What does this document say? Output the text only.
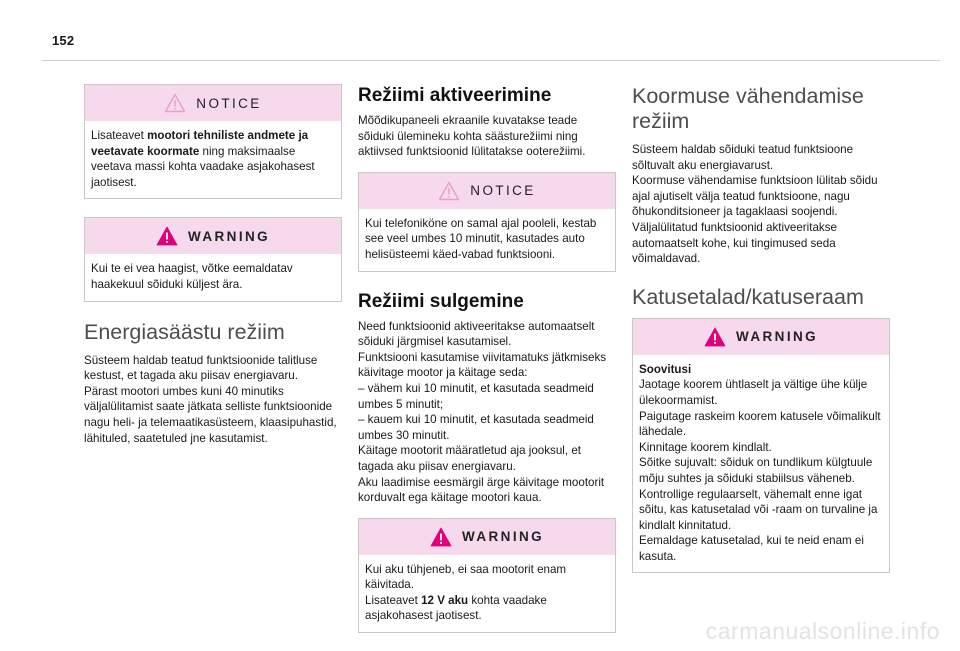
152
NOTICE

Lisateavet mootori tehniliste andmete ja veetavate koormate ning maksimaalse veetava massi kohta vaadake asjakohasest jaotisest.

WARNING

Kui te ei vea haagist, võtke eemaldatav haakekuul sõiduki küljest ära.

Energiasäästu režiim

Süsteem haldab teatud funktsioonide talitluse kestust, et tagada aku piisav energiavaru.
Pärast mootori umbes kuni 40 minutiks väljalülitamist saate jätkata selliste funktsioonide nagu heli- ja telemaatikasüsteem, klaasipuhastid, lähituled, saatetuled jne kasutamist.

Režiimi aktiveerimine

Mõõdikupaneeli ekraanile kuvatakse teade sõiduki ülemineku kohta säästurežiimi ning aktiivsed funktsioonid lülitatakse ooterežiimi.

NOTICE

Kui telefoniköne on samal ajal pooleli, kestab see veel umbes 10 minutit, kasutades auto helisüsteemi käed-vabad funktsiooni.

Režiimi sulgemine

Need funktsioonid aktiveeritakse automaatselt sõiduki järgmisel kasutamisel.
Funktsiooni kasutamise viivitamatuks jätkmiseks käivitage mootor ja käitage seda:
– vähem kui 10 minutit, et kasutada seadmeid umbes 5 minutit;
– kauem kui 10 minutit, et kasutada seadmeid umbes 30 minutit.
Käitage mootorit määratletud aja jooksul, et tagada aku piisav energiavaru.
Aku laadimise eesmärgil ärge käivitage mootorit korduvalt ega käitage mootori kaua.

WARNING

Kui aku tühjeneb, ei saa mootorit enam käivitada.
Lisateavet 12 V aku kohta vaadake asjakohasest jaotisest.

Koormuse vähendamise režiim

Süsteem haldab sõiduki teatud funktsioone sõltuvalt aku energiavarust.
Koormuse vähendamise funktsioon lülitab sõidu ajal ajutiselt välja teatud funktsioone, nagu õhukonditsioneer ja tagaklaasi soojendi.
Väljalülitatud funktsioonid aktiveeritakse automaatselt kohe, kui tingimused seda võimaldavad.

Katusetalad/katuseraam
WARNING

Soovitusi

Jaotage koorem ühtlaselt ja vältige ühe külje ülekoormamist.
Paigutage raskeim koorem katusele võimalikult lähedale.
Kinnitage koorem kindlalt.
Sõitke sujuvalt: sõiduk on tundlikum külgtuule mõju suhtes ja sõiduki stabiilsus väheneb.
Kontrollige regulaarselt, vähemalt enne igat sõitu, kas katusetalad või -raam on turvaline ja kindlalt kinnitatud.
Eemaldage katusetalad, kui te neid enam ei kasuta.

carmanualsonline.info
